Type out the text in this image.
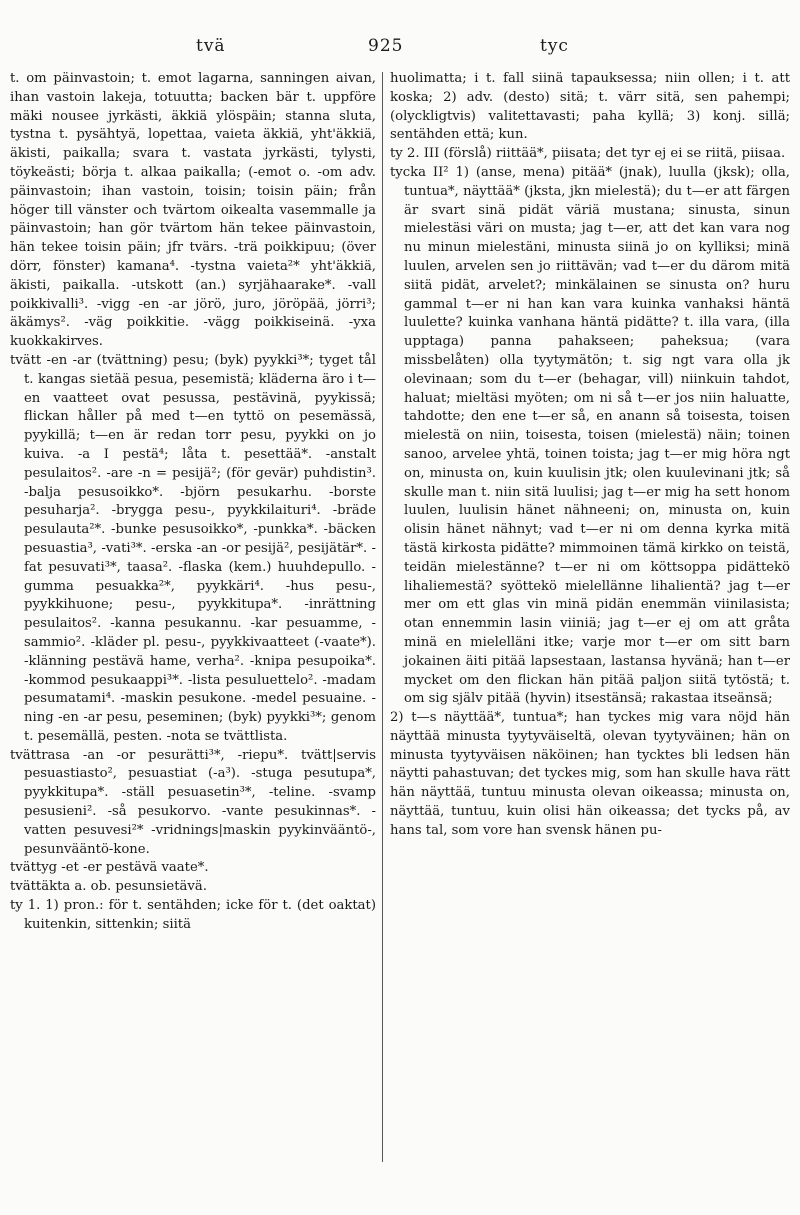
tvä	925	tyc

t. om päinvastoin; t. emot lagarna, sanningen aivan, ihan vastoin lakeja, totuutta; backen bär t. uppföre mäki nousee jyrkästi, äkkiä ylöspäin; stanna sluta, tystna t. pysähtyä, lopettaa, vaieta äkkiä, yht'äkkiä, äkisti, paikalla; svara t. vastata jyrkästi, tylysti, töykeästi; börja t. alkaa paikalla; (-emot o. -om adv. päinvastoin; ihan vastoin, toisin; toisin päin; från höger till vänster och tvärtom oikealta vasemmalle ja päinvastoin; han gör tvärtom hän tekee päinvastoin, hän tekee toisin päin; jfr tvärs. -trä poikkipuu; (över dörr, fönster) kamana⁴. -tystna vaieta²* yht'äkkiä, äkisti, paikalla. -utskott (an.) syrjähaarake*. -vall poikkivalli³. -vigg -en -ar jörö, juro, jöröpää, jörri³; äkämys². -väg poikkitie. -vägg poikkiseinä. -yxa kuokkakirves.

tvätt -en -ar (tvättning) pesu; (byk) pyykki³*; tyget tål t. kangas sietää pesua, pesemistä; kläderna äro i t—en vaatteet ovat pesussa, pestävinä, pyykissä; flickan håller på med t—en tyttö on pesemässä, pyykillä; t—en är redan torr pesu, pyykki on jo kuiva. -a I pestä⁴; låta t. pesettää*. -anstalt pesulaitos². -are -n = pesijä²; (för gevär) puhdistin³. -balja pesusoikko*. -björn pesukarhu. -borste pesuharja². -brygga pesu-, pyykkilaituri⁴. -bräde pesulauta²*. -bunke pesusoikko*, -punkka*. -bäcken pesuastia³, -vati³*. -erska -an -or pesijä², pesijätär*. -fat pesuvati³*, taasa². -flaska (kem.) huuhdepullo. -gumma pesuakka²*, pyykkäri⁴. -hus pesu-, pyykkihuone; pesu-, pyykkitupa*. -inrättning pesulaitos². -kanna pesukannu. -kar pesuamme, -sammio². -kläder pl. pesu-, pyykkivaatteet (-vaate*). -klänning pestävä hame, verha². -knipa pesupoika*. -kommod pesukaappi³*. -lista pesuluettelo². -madam pesumatami⁴. -maskin pesukone. -medel pesuaine. -ning -en -ar pesu, peseminen; (byk) pyykki³*; genom t. pesemällä, pesten. -nota se tvättlista.

tvättrasa -an -or pesurätti³*, -riepu*. tvätt|servis pesuastiasto², pesuastiat (-a³). -stuga pesutupa*, pyykkitupa*. -ställ pesuasetin³*, -teline. -svamp pesusieni². -så pesukorvo. -vante pesukinnas*. -vatten pesuvesi²* -vridnings|maskin pyykinvääntö-, pesunvääntö-kone.

tvättyg -et -er pestävä vaate*.

tvättäkta a. ob. pesunsietävä.

ty 1. 1) pron.: för t. sentähden; icke för t. (det oaktat) kuitenkin, sittenkin; siitä

huolimatta; i t. fall siinä tapauksessa; niin ollen; i t. att koska; 2) adv. (desto) sitä; t. värr sitä, sen pahempi; (olyckligtvis) valitettavasti; paha kyllä; 3) konj. sillä; sentähden että; kun.

ty 2. III (förslå) riittää*, piisata; det tyr ej ei se riitä, piisaa.

tycka II² 1) (anse, mena) pitää* (jnak), luulla (jksk); olla, tuntua*, näyttää* (jksta, jkn mielestä); du t—er att färgen är svart sinä pidät väriä mustana; sinusta, sinun mielestäsi väri on musta; jag t—er, att det kan vara nog nu minun mielestäni, minusta siinä jo on kylliksi; minä luulen, arvelen sen jo riittävän; vad t—er du därom mitä siitä pidät, arvelet?; minkälainen se sinusta on? huru gammal t—er ni han kan vara kuinka vanhaksi häntä luulette? kuinka vanhana häntä pidätte? t. illa vara, (illa upptaga) panna pahakseen; paheksua; (vara missbelåten) olla tyytymätön; t. sig ngt vara olla jk olevinaan; som du t—er (behagar, vill) niinkuin tahdot, haluat; mieltäsi myöten; om ni så t—er jos niin haluatte, tahdotte; den ene t—er så, en anann så toisesta, toisen mielestä on niin, toisesta, toisen (mielestä) näin; toinen sanoo, arvelee yhtä, toinen toista; jag t—er mig höra ngt on, minusta on, kuin kuulisin jtk; olen kuulevinani jtk; så skulle man t. niin sitä luulisi; jag t—er mig ha sett honom luulen, luulisin hänet nähneeni; on, minusta on, kuin olisin hänet nähnyt; vad t—er ni om denna kyrka mitä tästä kirkosta pidätte? mimmoinen tämä kirkko on teistä, teidän mielestänne? t—er ni om köttsoppa pidättekö lihaliemestä? syöttekö mielellänne lihalientä? jag t—er mer om ett glas vin minä pidän enemmän viinilasista; otan ennemmin lasin viiniä; jag t—er ej om att gråta minä en mielelläni itke; varje mor t—er om sitt barn jokainen äiti pitää lapsestaan, lastansa hyvänä; han t—er mycket om den flickan hän pitää paljon siitä tytöstä; t. om sig själv pitää (hyvin) itsestänsä; rakastaa itseänsä;

2) t—s näyttää*, tuntua*; han tyckes mig vara nöjd hän näyttää minusta tyytyväiseltä, olevan tyytyväinen; hän on minusta tyytyväisen näköinen; han tycktes bli ledsen hän näytti pahastuvan; det tyckes mig, som han skulle hava rätt hän näyttää, tuntuu minusta olevan oikeassa; minusta on, näyttää, tuntuu, kuin olisi hän oikeassa; det tycks på, av hans tal, som vore han svensk hänen pu-
